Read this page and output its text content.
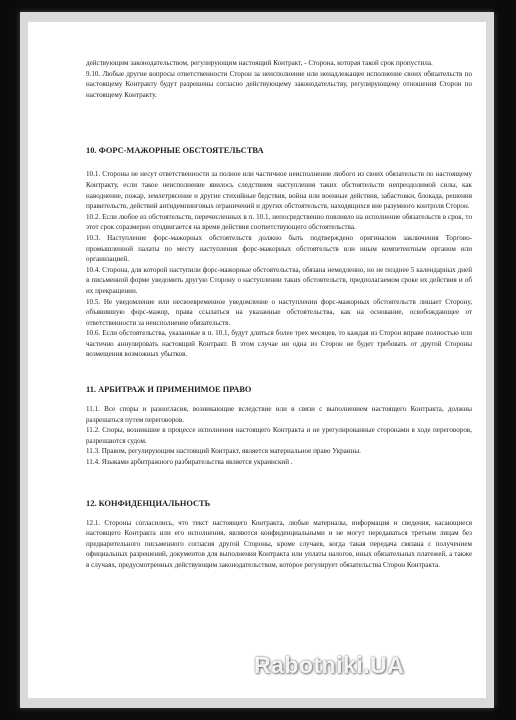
действующим законодательством, регулирующим настоящий Контракт, - Сторона, которая такой срок пропустила.

9.10. Любые другие вопросы ответственности Сторон за неисполнение или ненадлежащее исполнение своих обязательств по настоящему Контракту будут разрешены согласно действующему законодательству, регулирующему отношения Сторон по настоящему Контракту.

10. ФОРС-МАЖОРНЫЕ ОБСТОЯТЕЛЬСТВА

10.1. Стороны не несут ответственности за полное или частичное неисполнение любого из своих обязательств по настоящему Контракту, если такое неисполнение явилось следствием наступления таких обстоятельств непреодолимой силы, как наводнение, пожар, землетрясение и другие стихийные бедствия, война или военные действия, забастовки, блокада, решения правительств, действий антидемпинговых ограничений и других обстоятельств, находящихся вне разумного контроля Сторон.

10.2. Если любое из обстоятельств, перечисленных в п. 10.1, непосредственно повлияло на исполнение обязательств в срок, то этот срок соразмерно отодвигается на время действия соответствующего обстоятельства.

10.3. Наступление форс-мажорных обстоятельств должно быть подтверждено оригиналом заключения Торгово-промышленной палаты по месту наступления форс-мажорных обстоятельств или иным компетентным органом или организацией.

10.4. Сторона, для которой наступили форс-мажорные обстоятельства, обязана немедленно, но не позднее 5 календарных дней в письменной форме уведомить другую Сторону о наступлении таких обстоятельств, предполагаемом сроке их действия и об их прекращении.

10.5. Не уведомление или несвоевременное уведомление о наступлении форс-мажорных обстоятельств лишает Сторону, объявившую форс-мажор, права ссылаться на указанные обстоятельства, как на основание, освобождающее от ответственности за неисполнение обязательств.

10.6. Если обстоятельства, указанные в п. 10.1, будут длиться более трех месяцев, то каждая из Сторон вправе полностью или частично аннулировать настоящий Контракт. В этом случае ни одна из Сторон не будет требовать от другой Стороны возмещения возможных убытков.

11. АРБИТРАЖ И ПРИМЕНИМОЕ ПРАВО

11.1. Все споры и разногласия, возникающие вследствие или в связи с выполнением настоящего Контракта, должны разрешаться путем переговоров.

11.2. Споры, возникшие в процессе исполнения настоящего Контракта и не урегулированные сторонами в ходе переговоров, разрешаются судом.

11.3. Правом, регулирующим настоящий Контракт, является материальное право Украины.

11.4. Языками арбитражного разбирательства является украинский .

12. КОНФИДЕНЦИАЛЬНОСТЬ

12.1. Стороны согласились, что текст настоящего Контракта, любые материалы, информация и сведения, касающиеся настоящего Контракта или его исполнения, являются конфиденциальными и не могут передаваться третьим лицам без предварительного письменного согласия другой Стороны, кроме случаев, когда такая передача связана с получением официальных разрешений, документов для выполнения Контракта или уплаты налогов, иных обязательных платежей, а также в случаях, предусмотренных действующим законодательством, которое регулирует обязательства Сторон Контракта.

Rabotniki.UA
